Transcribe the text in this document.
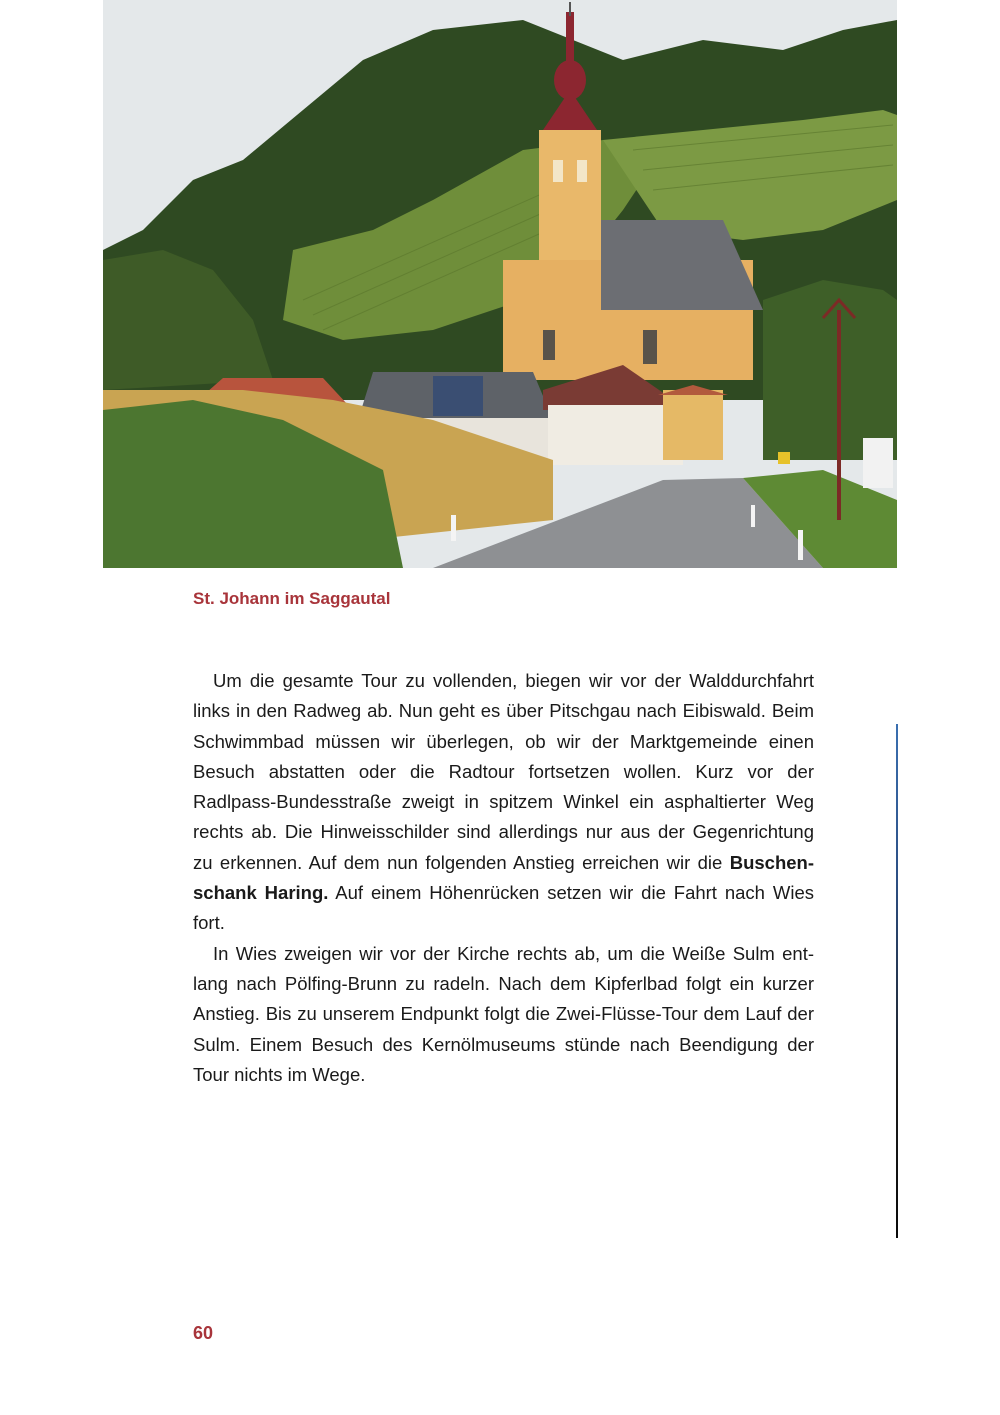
St. Johann im Saggautal

Um die gesamte Tour zu vollenden, biegen wir vor der Walddurchfahrt links in den Radweg ab. Nun geht es über Pitschgau nach Eibiswald. Beim Schwimmbad müssen wir überlegen, ob wir der Marktgemeinde einen Besuch abstatten oder die Radtour fortsetzen wollen. Kurz vor der Radlpass-Bundesstraße zweigt in spitzem Winkel ein asphaltierter Weg rechts ab. Die Hinweisschilder sind allerdings nur aus der Gegenrichtung zu erkennen. Auf dem nun folgenden Anstieg erreichen wir die Buschen-schank Haring. Auf einem Höhenrücken setzen wir die Fahrt nach Wies fort.

In Wies zweigen wir vor der Kirche rechts ab, um die Weiße Sulm ent-lang nach Pölfing-Brunn zu radeln. Nach dem Kipferlbad folgt ein kurzer Anstieg. Bis zu unserem Endpunkt folgt die Zwei-Flüsse-Tour dem Lauf der Sulm. Einem Besuch des Kernölmuseums stünde nach Beendigung der Tour nichts im Wege.

60
